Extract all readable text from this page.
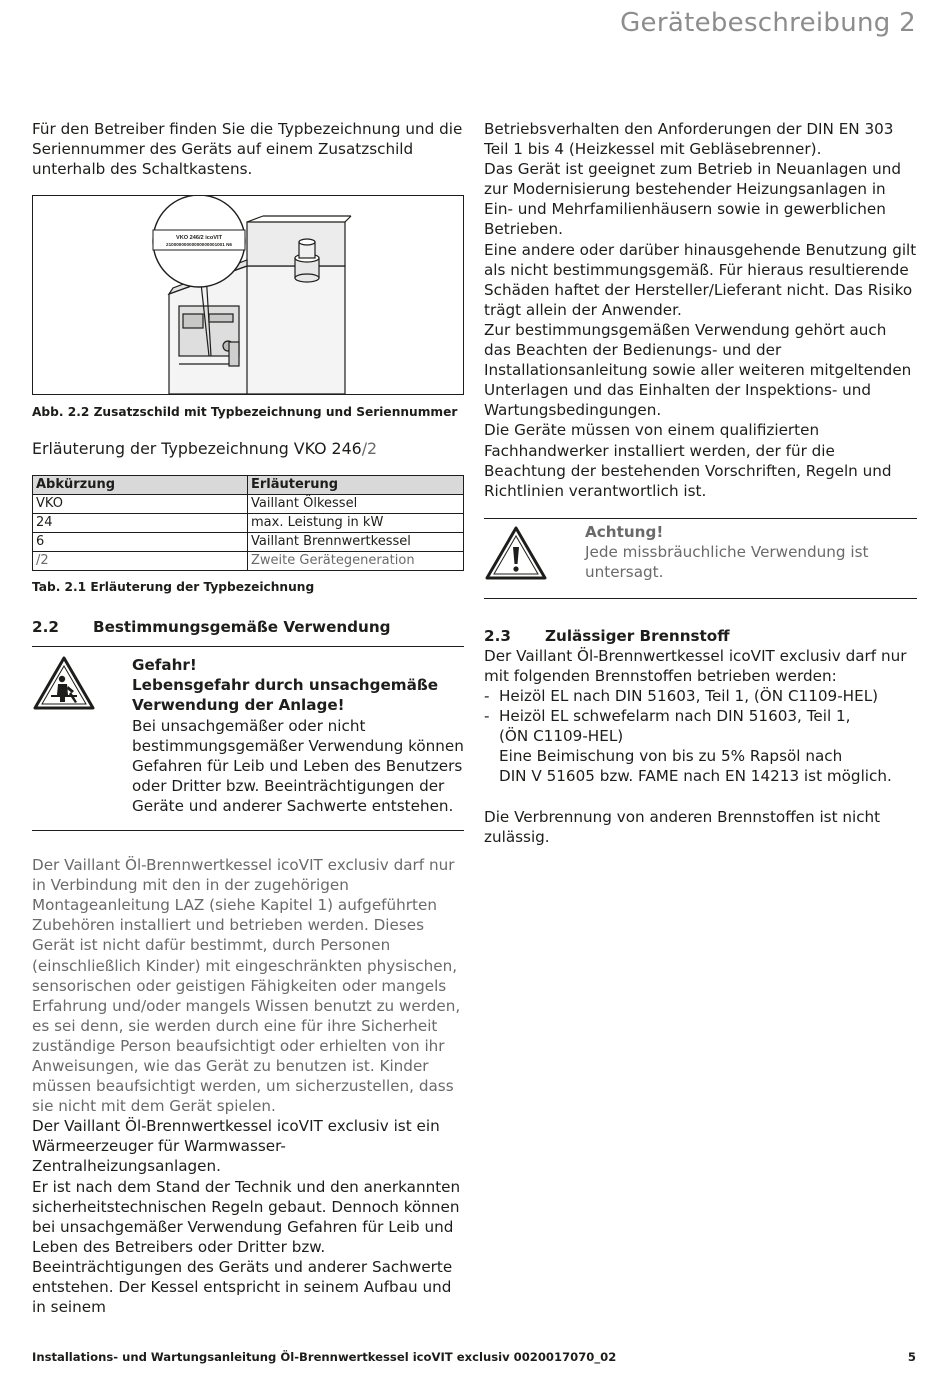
Gerätebeschreibung 2

Für den Betreiber finden Sie die Typbezeichnung und die Seriennummer des Geräts auf einem Zusatzschild unterhalb des Schaltkastens.

VKO 246/2 icoVIT
21000000000000000001001 N6
Abb. 2.2 Zusatzschild mit Typbezeichnung und Seriennummer
Erläuterung der Typbezeichnung VKO 246/2
Abkürzung	Erläuterung
VKO	Vaillant Ölkessel
24	max. Leistung in kW
6	Vaillant Brennwertkessel
/2	Zweite Gerätegeneration
Tab. 2.1 Erläuterung der Typbezeichnung
2.2	Bestimmungsgemäße Verwendung

Gefahr!

Lebensgefahr durch unsachgemäße

Verwendung der Anlage!

Bei unsachgemäßer oder nicht bestimmungsgemäßer Verwendung können Gefahren für Leib und Leben des Benutzers oder Dritter bzw. Beeinträchtigungen der Geräte und anderer Sachwerte entstehen.

Der Vaillant Öl-Brennwertkessel icoVIT exclusiv darf nur in Verbindung mit den in der zugehörigen Montageanleitung LAZ (siehe Kapitel 1) aufgeführten Zubehören installiert und betrieben werden. Dieses Gerät ist nicht dafür bestimmt, durch Personen (einschließlich Kinder) mit eingeschränkten physischen, sensorischen oder geistigen Fähigkeiten oder mangels Erfahrung und/oder mangels Wissen benutzt zu werden, es sei denn, sie werden durch eine für ihre Sicherheit zuständige Person beaufsichtigt oder erhielten von ihr Anweisungen, wie das Gerät zu benutzen ist. Kinder müssen beaufsichtigt werden, um sicherzustellen, dass sie nicht mit dem Gerät spielen.

Der Vaillant Öl-Brennwertkessel icoVIT exclusiv ist ein Wärmeerzeuger für Warmwasser-Zentralheizungsanlagen.

Er ist nach dem Stand der Technik und den anerkannten sicherheitstechnischen Regeln gebaut. Dennoch können bei unsachgemäßer Verwendung Gefahren für Leib und Leben des Betreibers oder Dritter bzw. Beeinträchtigungen des Geräts und anderer Sachwerte entstehen. Der Kessel entspricht in seinem Aufbau und in seinem

Betriebsverhalten den Anforderungen der DIN EN 303 Teil 1 bis 4 (Heizkessel mit Gebläsebrenner).

Das Gerät ist geeignet zum Betrieb in Neuanlagen und zur Modernisierung bestehender Heizungsanlagen in Ein- und Mehrfamilienhäusern sowie in gewerblichen Betrieben.

Eine andere oder darüber hinausgehende Benutzung gilt als nicht bestimmungsgemäß. Für hieraus resultierende Schäden haftet der Hersteller/Lieferant nicht. Das Risiko trägt allein der Anwender.

Zur bestimmungsgemäßen Verwendung gehört auch das Beachten der Bedienungs- und der Installationsanleitung sowie aller weiteren mitgeltenden Unterlagen und das Einhalten der Inspektions- und Wartungsbedingungen.

Die Geräte müssen von einem qualifizierten Fachhandwerker installiert werden, der für die Beachtung der bestehenden Vorschriften, Regeln und Richtlinien verantwortlich ist.

Achtung!

Jede missbräuchliche Verwendung ist untersagt.

2.3	Zulässiger Brennstoff

Der Vaillant Öl-Brennwertkessel icoVIT exclusiv darf nur mit folgenden Brennstoffen betrieben werden:

- Heizöl EL nach DIN 51603, Teil 1, (ÖN C1109-HEL)
- Heizöl EL schwefelarm nach DIN 51603, Teil 1,
(ÖN C1109-HEL)
Eine Beimischung von bis zu 5% Rapsöl nach
DIN V 51605 bzw. FAME nach EN 14213 ist möglich.

Die Verbrennung von anderen Brennstoffen ist nicht zulässig.

Installations- und Wartungsanleitung Öl-Brennwertkessel icoVIT exclusiv 0020017070_02	5
